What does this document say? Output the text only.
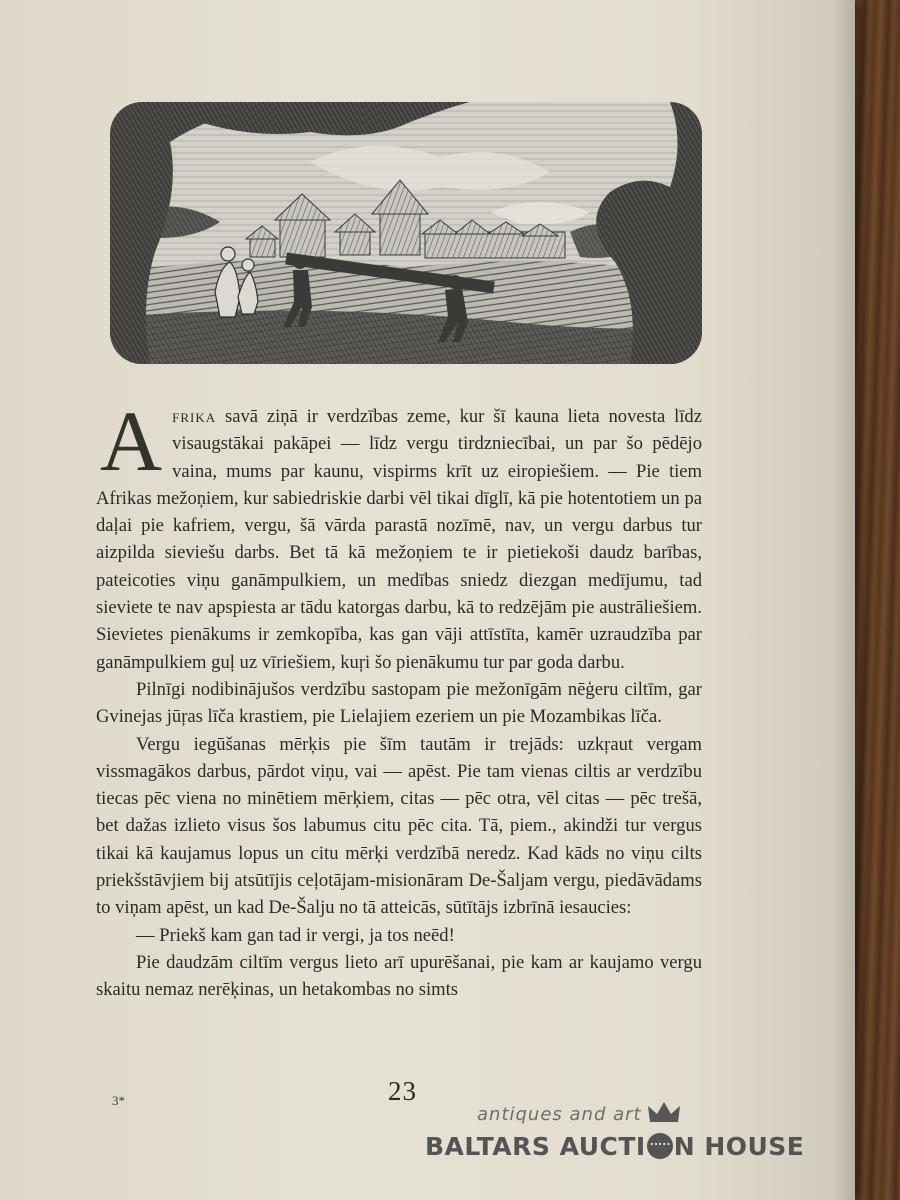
Afrika savā ziņā ir verdzības zeme, kur šī kauna lieta novesta līdz visaugstākai pakāpei — līdz vergu tirdzniecībai, un par šo pēdējo vaina, mums par kaunu, vispirms krīt uz eiropiešiem. — Pie tiem Afrikas mežoņiem, kur sabiedriskie darbi vēl tikai dīglī, kā pie hotentotiem un pa daļai pie kafriem, vergu, šā vārda parastā nozīmē, nav, un vergu darbus tur aizpilda sieviešu darbs. Bet tā kā mežoņiem te ir pietiekoši daudz barības, pateicoties viņu ganāmpulkiem, un medības sniedz diezgan medījumu, tad sieviete te nav apspiesta ar tādu katorgas darbu, kā to redzējām pie austrāliešiem. Sievietes pienākums ir zemkopība, kas gan vāji attīstīta, kamēr uzraudzība par ganāmpulkiem guļ uz vīriešiem, kuŗi šo pienākumu tur par goda darbu.

Pilnīgi nodibinājušos verdzību sastopam pie mežonīgām nēģeru ciltīm, gar Gvinejas jūŗas līča krastiem, pie Lielajiem ezeriem un pie Mozambikas līča.

Vergu iegūšanas mērķis pie šīm tautām ir trejāds: uzkŗaut vergam vissmagākos darbus, pārdot viņu, vai — apēst. Pie tam vienas ciltis ar verdzību tiecas pēc viena no minētiem mērķiem, citas — pēc otra, vēl citas — pēc trešā, bet dažas izlieto visus šos labumus citu pēc cita. Tā, piem., akindži tur vergus tikai kā kaujamus lopus un citu mērķi verdzībā neredz. Kad kāds no viņu cilts priekšstāvjiem bij atsūtījis ceļotājam-misionāram De-Šaljam vergu, piedāvādams to viņam apēst, un kad De-Šalju no tā atteicās, sūtītājs izbrīnā iesaucies:

— Priekš kam gan tad ir vergi, ja tos neēd!

Pie daudzām ciltīm vergus lieto arī upurēšanai, pie kam ar kaujamo vergu skaitu nemaz nerēķinas, un hetakombas no simts

3*	23
antiques and art
BALTARS AUCTI..... N HOUSE
